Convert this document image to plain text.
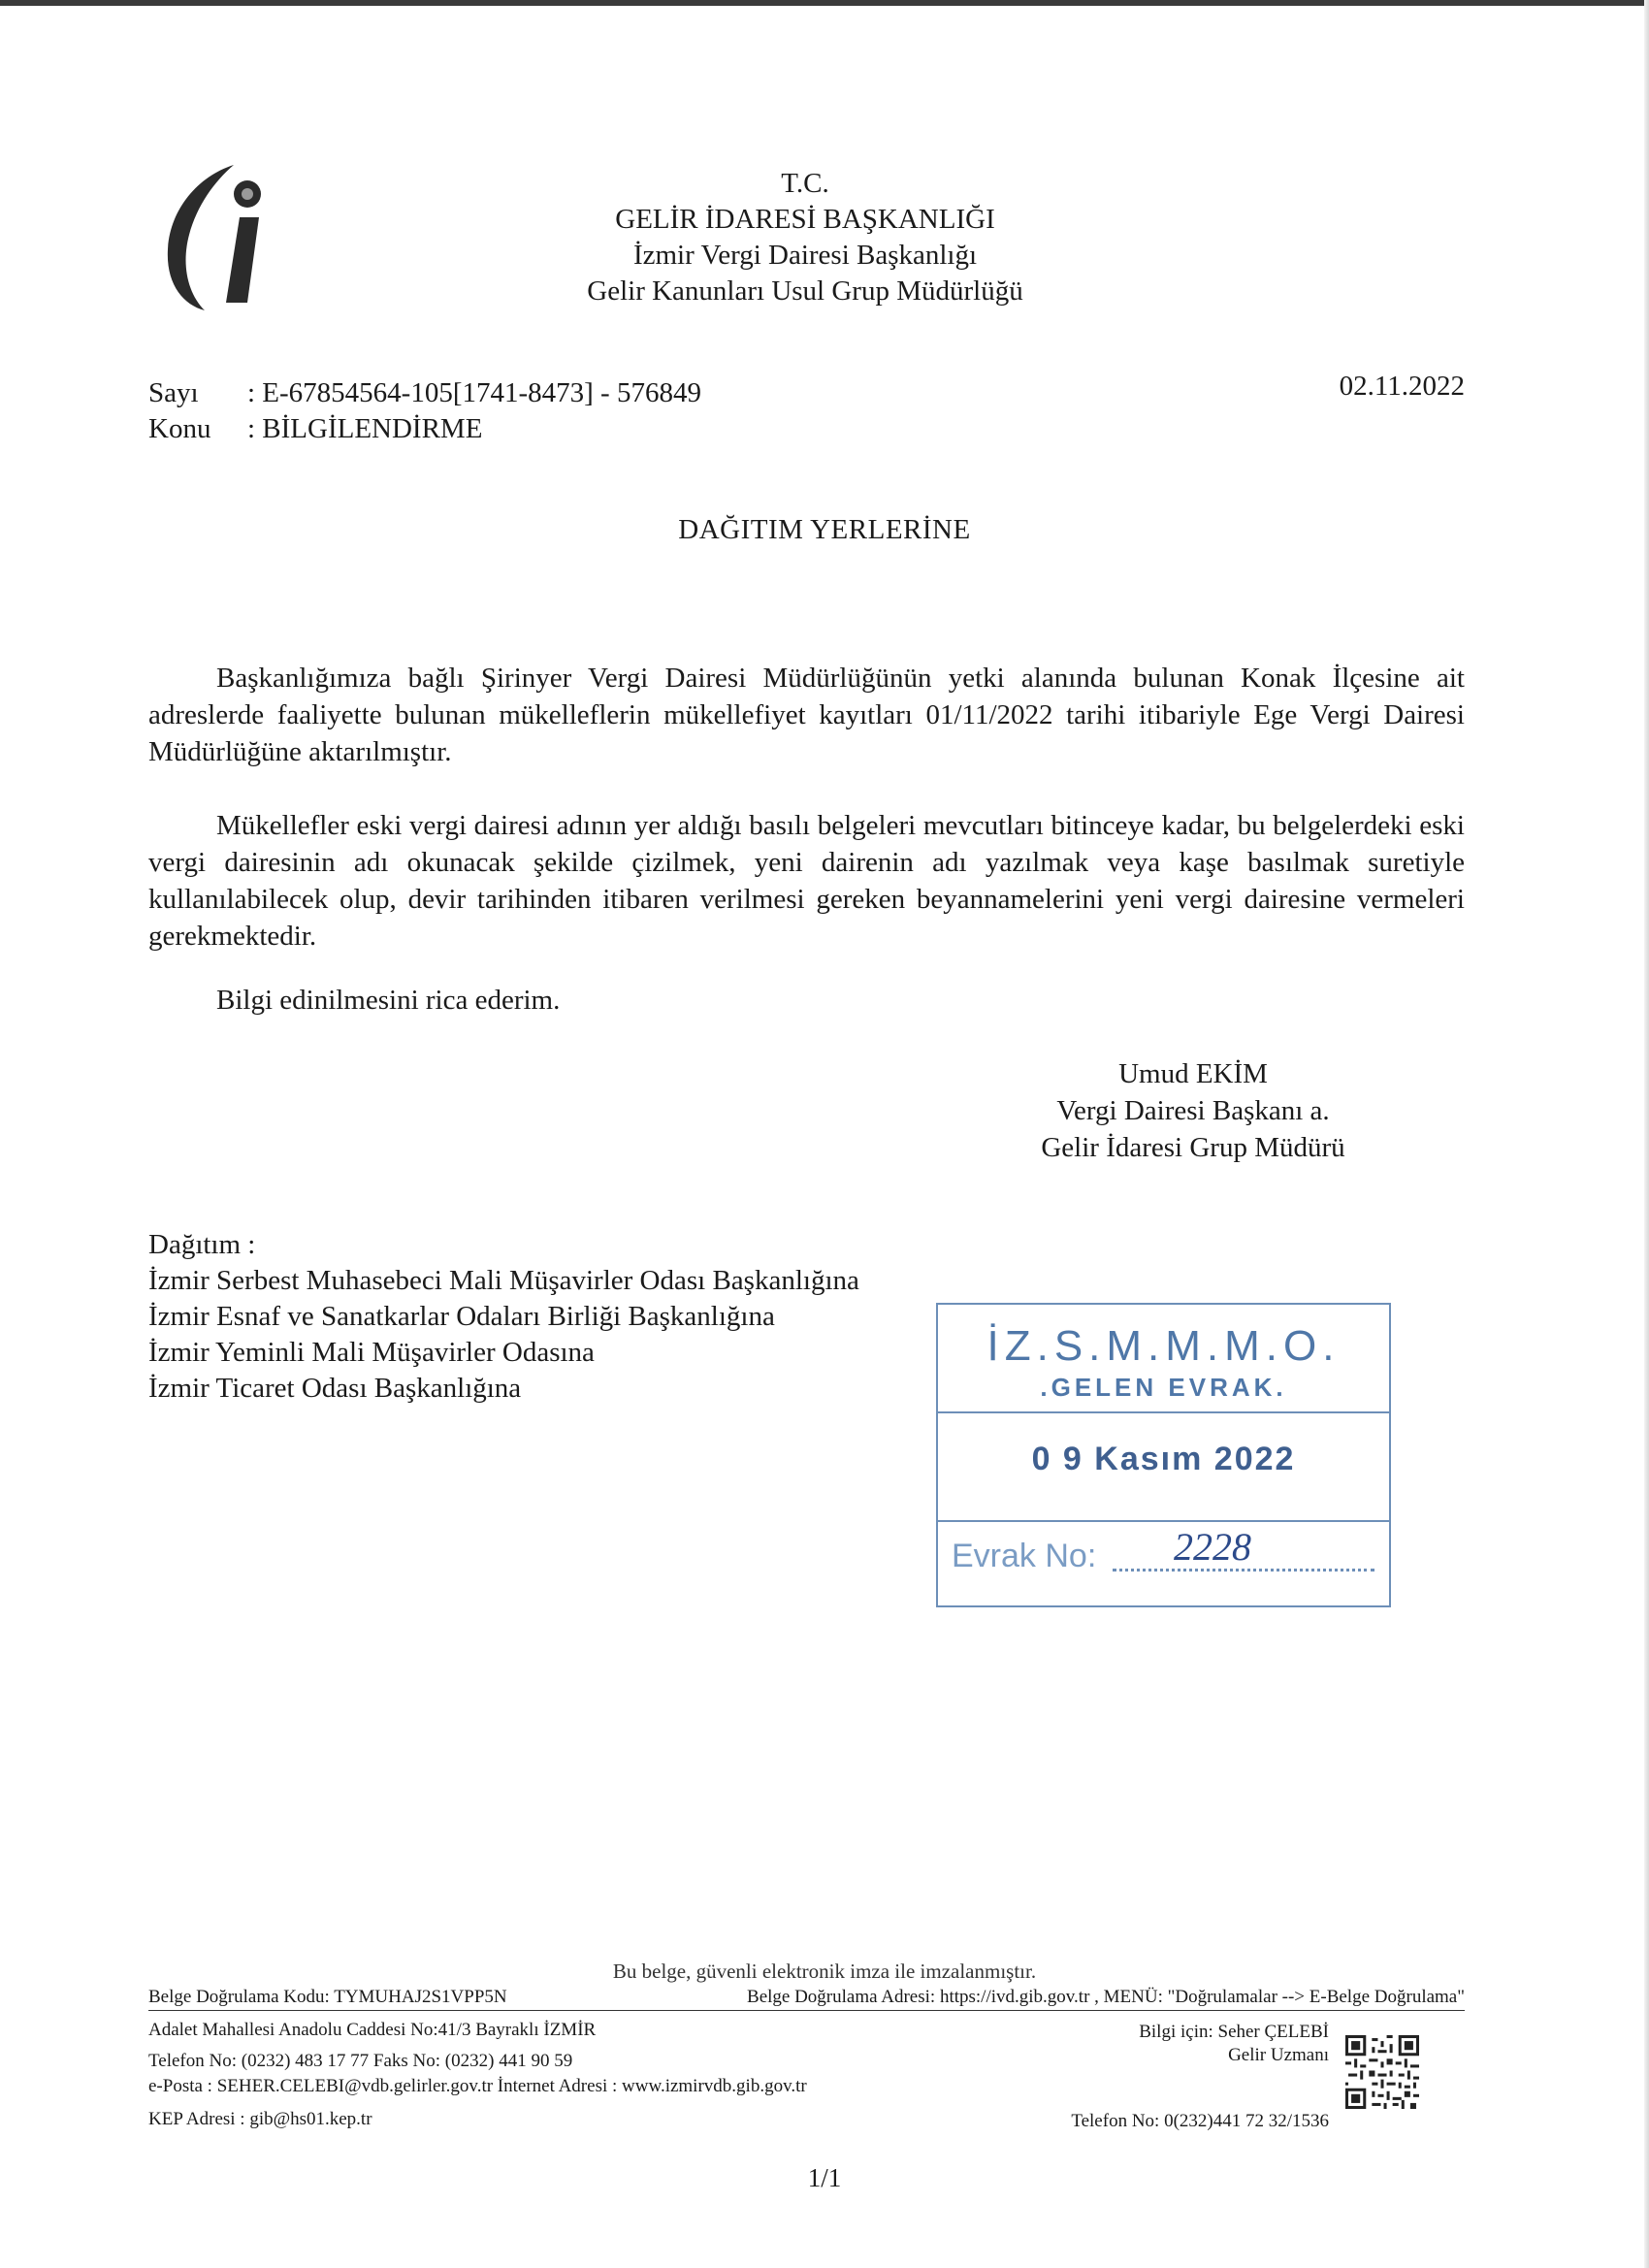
T.C.
GELİR İDARESİ BAŞKANLIĞI
İzmir Vergi Dairesi Başkanlığı
Gelir Kanunları Usul Grup Müdürlüğü
Sayı : E-67854564-105[1741-8473] - 576849
Konu : BİLGİLENDİRME
02.11.2022
DAĞITIM YERLERİNE
Başkanlığımıza bağlı Şirinyer Vergi Dairesi Müdürlüğünün yetki alanında bulunan Konak İlçesine ait adreslerde faaliyette bulunan mükelleflerin mükellefiyet kayıtları 01/11/2022 tarihi itibariyle Ege Vergi Dairesi Müdürlüğüne aktarılmıştır.
Mükellefler eski vergi dairesi adının yer aldığı basılı belgeleri mevcutları bitinceye kadar, bu belgelerdeki eski vergi dairesinin adı okunacak şekilde çizilmek, yeni dairenin adı yazılmak veya kaşe basılmak suretiyle kullanılabilecek olup, devir tarihinden itibaren verilmesi gereken beyannamelerini yeni vergi dairesine vermeleri gerekmektedir.
Bilgi edinilmesini rica ederim.
Umud EKİM
Vergi Dairesi Başkanı a.
Gelir İdaresi Grup Müdürü
Dağıtım :
İzmir Serbest Muhasebeci Mali Müşavirler Odası Başkanlığına
İzmir Esnaf ve Sanatkarlar Odaları Birliği Başkanlığına
İzmir Yeminli Mali Müşavirler Odasına
İzmir Ticaret Odası Başkanlığına
İZ.S.M.M.M.O.
.GELEN EVRAK.
0 9 Kasım 2022
Evrak No: 2228
Bu belge, güvenli elektronik imza ile imzalanmıştır.
Belge Doğrulama Kodu: TYMUHAJ2S1VPP5N	Belge Doğrulama Adresi: https://ivd.gib.gov.tr , MENÜ: "Doğrulamalar --> E-Belge Doğrulama"
Adalet Mahallesi Anadolu Caddesi No:41/3 Bayraklı İZMİR
Telefon No: (0232) 483 17 77 Faks No: (0232) 441 90 59
e-Posta : SEHER.CELEBI@vdb.gelirler.gov.tr İnternet Adresi : www.izmirvdb.gib.gov.tr
KEP Adresi : gib@hs01.kep.tr
Bilgi için: Seher ÇELEBİ
Gelir Uzmanı
Telefon No: 0(232)441 72 32/1536
1/1
